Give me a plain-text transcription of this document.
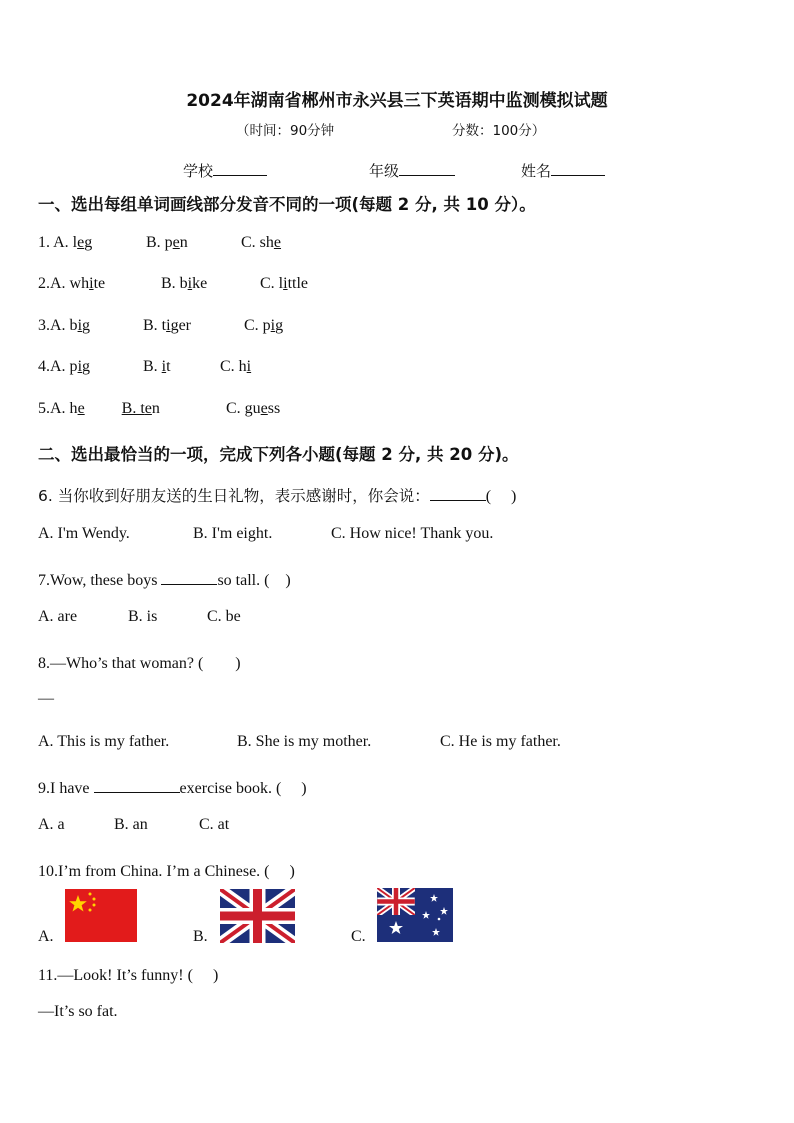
2024年湖南省郴州市永兴县三下英语期中监测模拟试题
（时间：90分钟	分数：100分）
学校	年级	姓名
一、选出每组单词画线部分发音不同的一项(每题 2 分, 共 10 分）。
1. A. leg	B. pen	C. she
2.A. white	B. bike	C. little
3.A. big	B. tiger	C. pig
4.A. pig	B. it	C. hi
5.A. he B. ten	C. guess
二、选出最恰当的一项，完成下列各小题(每题 2 分, 共 20 分)。
6. 当你收到好朋友送的生日礼物，表示感谢时，你会说：	(　 )
A. I'm Wendy.	B. I'm eight.	C. How nice! Thank you.
7.Wow, these boys	so tall. (　)
A. are	B. is	C. be
8.—Who’s that woman? (　　)
—
A. This is my father.	B. She is my mother.	C. He is my father.
9.I have	exercise book. (　 )
A. a	B. an	C. at
10.I’m from China. I’m a Chinese. (　 )
A.	B.	C.
11.—Look! It’s funny! (　 )
—It’s so fat.
